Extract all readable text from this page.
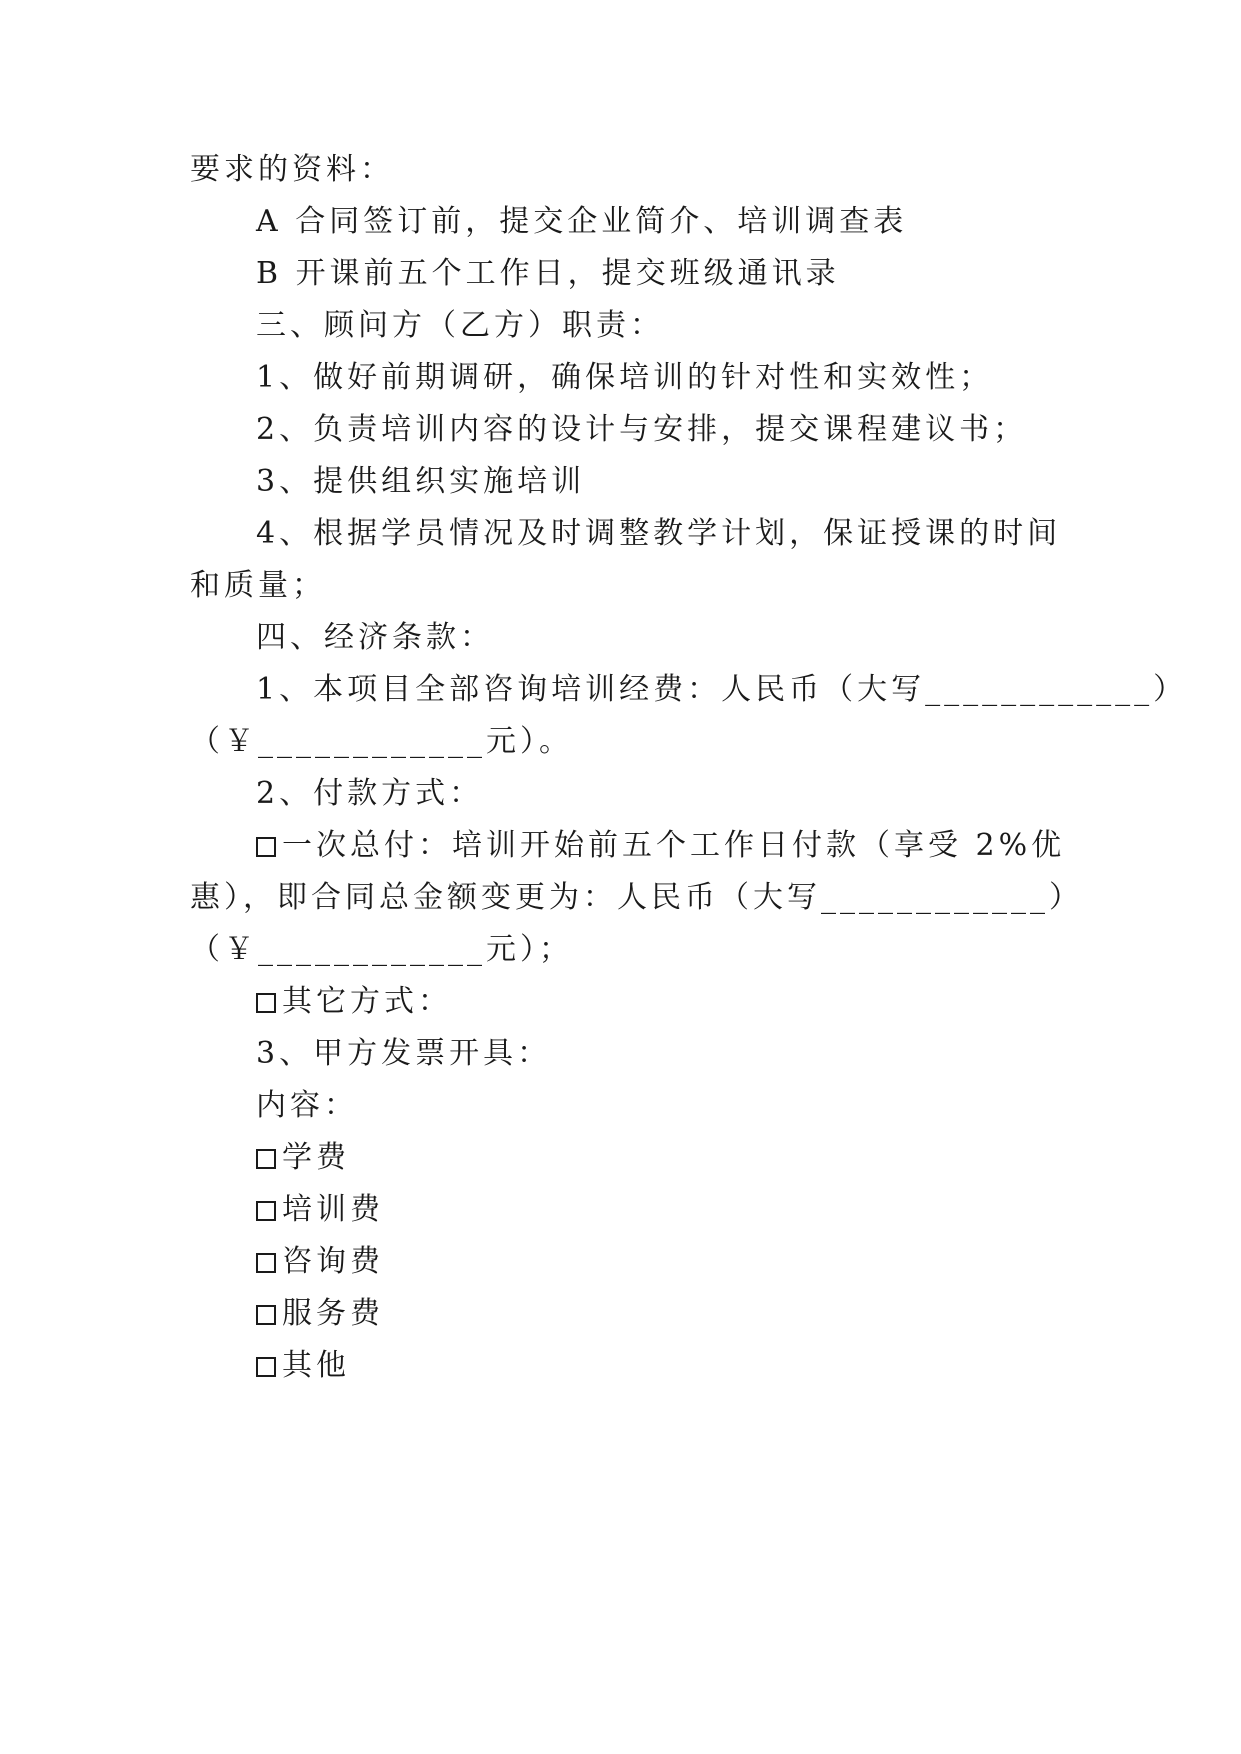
要求的资料：
A 合同签订前，提交企业简介、培训调查表
B 开课前五个工作日，提交班级通讯录
三、顾问方（乙方）职责：
1、做好前期调研，确保培训的针对性和实效性；
2、负责培训内容的设计与安排，提交课程建议书；
3、提供组织实施培训
4、根据学员情况及时调整教学计划，保证授课的时间
和质量；
四、经济条款：
1、本项目全部咨询培训经费：人民币（大写____________）
（￥____________元）。
2、付款方式：
一次总付：培训开始前五个工作日付款（享受 2%优
惠），即合同总金额变更为：人民币（大写____________）
（￥____________元）；
其它方式：
3、甲方发票开具：
内容：
学费
培训费
咨询费
服务费
其他
